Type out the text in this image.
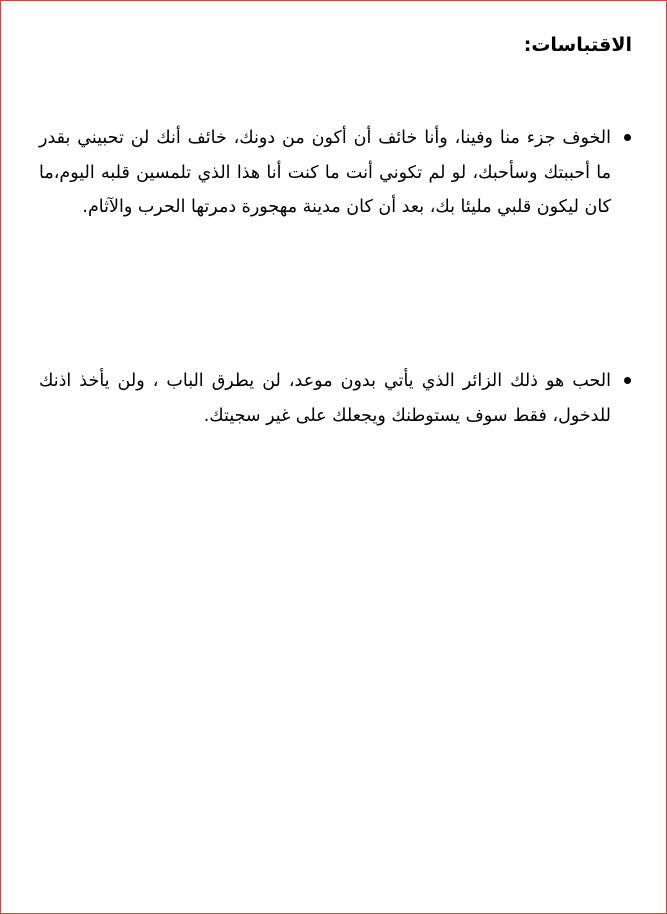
الاقتباسات:
الخوف جزء منا وفينا، وأنا خائف أن أكون من دونك، خائف أنك لن تحبيني بقدر ما أحببتك وسأحبك، لو لم تكوني أنت ما كنت أنا هذا الذي تلمسين قلبه اليوم،ما كان ليكون قلبي مليئا بك، بعد أن كان مدينة مهجورة دمرتها الحرب والآثام.
الحب هو ذلك الزائر الذي يأتي بدون موعد، لن يطرق الباب ، ولن يأخذ اذنك للدخول، فقط سوف يستوطنك ويجعلك على غير سجيتك.
